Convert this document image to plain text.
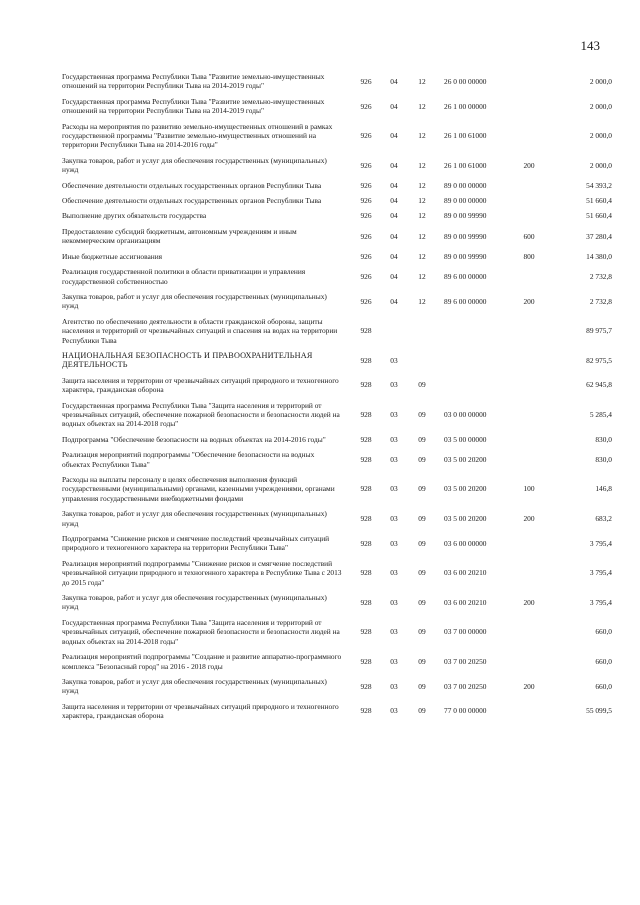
143
Государственная программа Республики Тыва "Развитие земельно-имущественных отношений на территории Республики Тыва на 2014-2019 годы"	926	04	12	26 0 00 00000		2 000,0
Государственная программа Республики Тыва "Развитие земельно-имущественных отношений на территории Республики Тыва на 2014-2019 годы"	926	04	12	26 1 00 00000		2 000,0
Расходы на мероприятия по развитию земельно-имущественных отношений в рамках государственной программы "Развитие земельно-имущественных отношений на территории Республики Тыва на 2014-2016 годы"	926	04	12	26 1 00 61000		2 000,0
Закупка товаров, работ и услуг для обеспечения государственных (муниципальных) нужд	926	04	12	26 1 00 61000	200	2 000,0
Обеспечение деятельности отдельных государственных органов Республики Тыва	926	04	12	89 0 00 00000		54 393,2
Обеспечение деятельности отдельных государственных органов Республики Тыва	926	04	12	89 0 00 00000		51 660,4
Выполнение других обязательств государства	926	04	12	89 0 00 99990		51 660,4
Предоставление субсидий бюджетным, автономным учреждениям и иным некоммерческим организациям	926	04	12	89 0 00 99990	600	37 280,4
Иные бюджетные ассигнования	926	04	12	89 0 00 99990	800	14 380,0
Реализация государственной политики в области приватизации и управления государственной собственностью	926	04	12	89 6 00 00000		2 732,8
Закупка товаров, работ и услуг для обеспечения государственных (муниципальных) нужд	926	04	12	89 6 00 00000	200	2 732,8
Агентство по обеспечению деятельности в области гражданской обороны, защиты населения и территорий от чрезвычайных ситуаций и спасения на водах на территории Республики Тыва	928					89 975,7
НАЦИОНАЛЬНАЯ БЕЗОПАСНОСТЬ И ПРАВООХРАНИТЕЛЬНАЯ ДЕЯТЕЛЬНОСТЬ	928	03				82 975,5
Защита населения и территории от чрезвычайных ситуаций природного и техногенного характера, гражданская оборона	928	03	09			62 945,8
Государственная программа Республики Тыва "Защита населения и территорий от чрезвычайных ситуаций, обеспечение пожарной безопасности и безопасности людей на водных объектах на 2014-2018 годы"	928	03	09	03 0 00 00000		5 285,4
Подпрограмма "Обеспечение безопасности на водных объектах на 2014-2016 годы"	928	03	09	03 5 00 00000		830,0
Реализация мероприятий подпрограммы "Обеспечение безопасности на водных объектах Республики Тыва"	928	03	09	03 5 00 20200		830,0
Расходы на выплаты персоналу в целях обеспечения выполнения функций государственными (муниципальными) органами, казенными учреждениями, органами управления государственными внебюджетными фондами	928	03	09	03 5 00 20200	100	146,8
Закупка товаров, работ и услуг для обеспечения государственных (муниципальных) нужд	928	03	09	03 5 00 20200	200	683,2
Подпрограмма "Снижение рисков и смягчение последствий чрезвычайных ситуаций природного и техногенного характера на территории Республики Тыва"	928	03	09	03 6 00 00000		3 795,4
Реализация мероприятий подпрограммы "Снижение рисков и смягчение последствий чрезвычайной ситуации природного и техногенного характера в Республике Тыва с 2013 до 2015 года"	928	03	09	03 6 00 20210		3 795,4
Закупка товаров, работ и услуг для обеспечения государственных (муниципальных) нужд	928	03	09	03 6 00 20210	200	3 795,4
Государственная программа Республики Тыва "Защита населения и территорий от чрезвычайных ситуаций, обеспечение пожарной безопасности и безопасности людей на водных объектах на 2014-2018 годы"	928	03	09	03 7 00 00000		660,0
Реализация мероприятий подпрограммы "Создание и развитие аппаратно-программного комплекса "Безопасный город" на 2016 - 2018 годы	928	03	09	03 7 00 20250		660,0
Закупка товаров, работ и услуг для обеспечения государственных (муниципальных) нужд	928	03	09	03 7 00 20250	200	660,0
Защита населения и территории от чрезвычайных ситуаций природного и техногенного характера, гражданская оборона	928	03	09	77 0 00 00000		55 099,5
